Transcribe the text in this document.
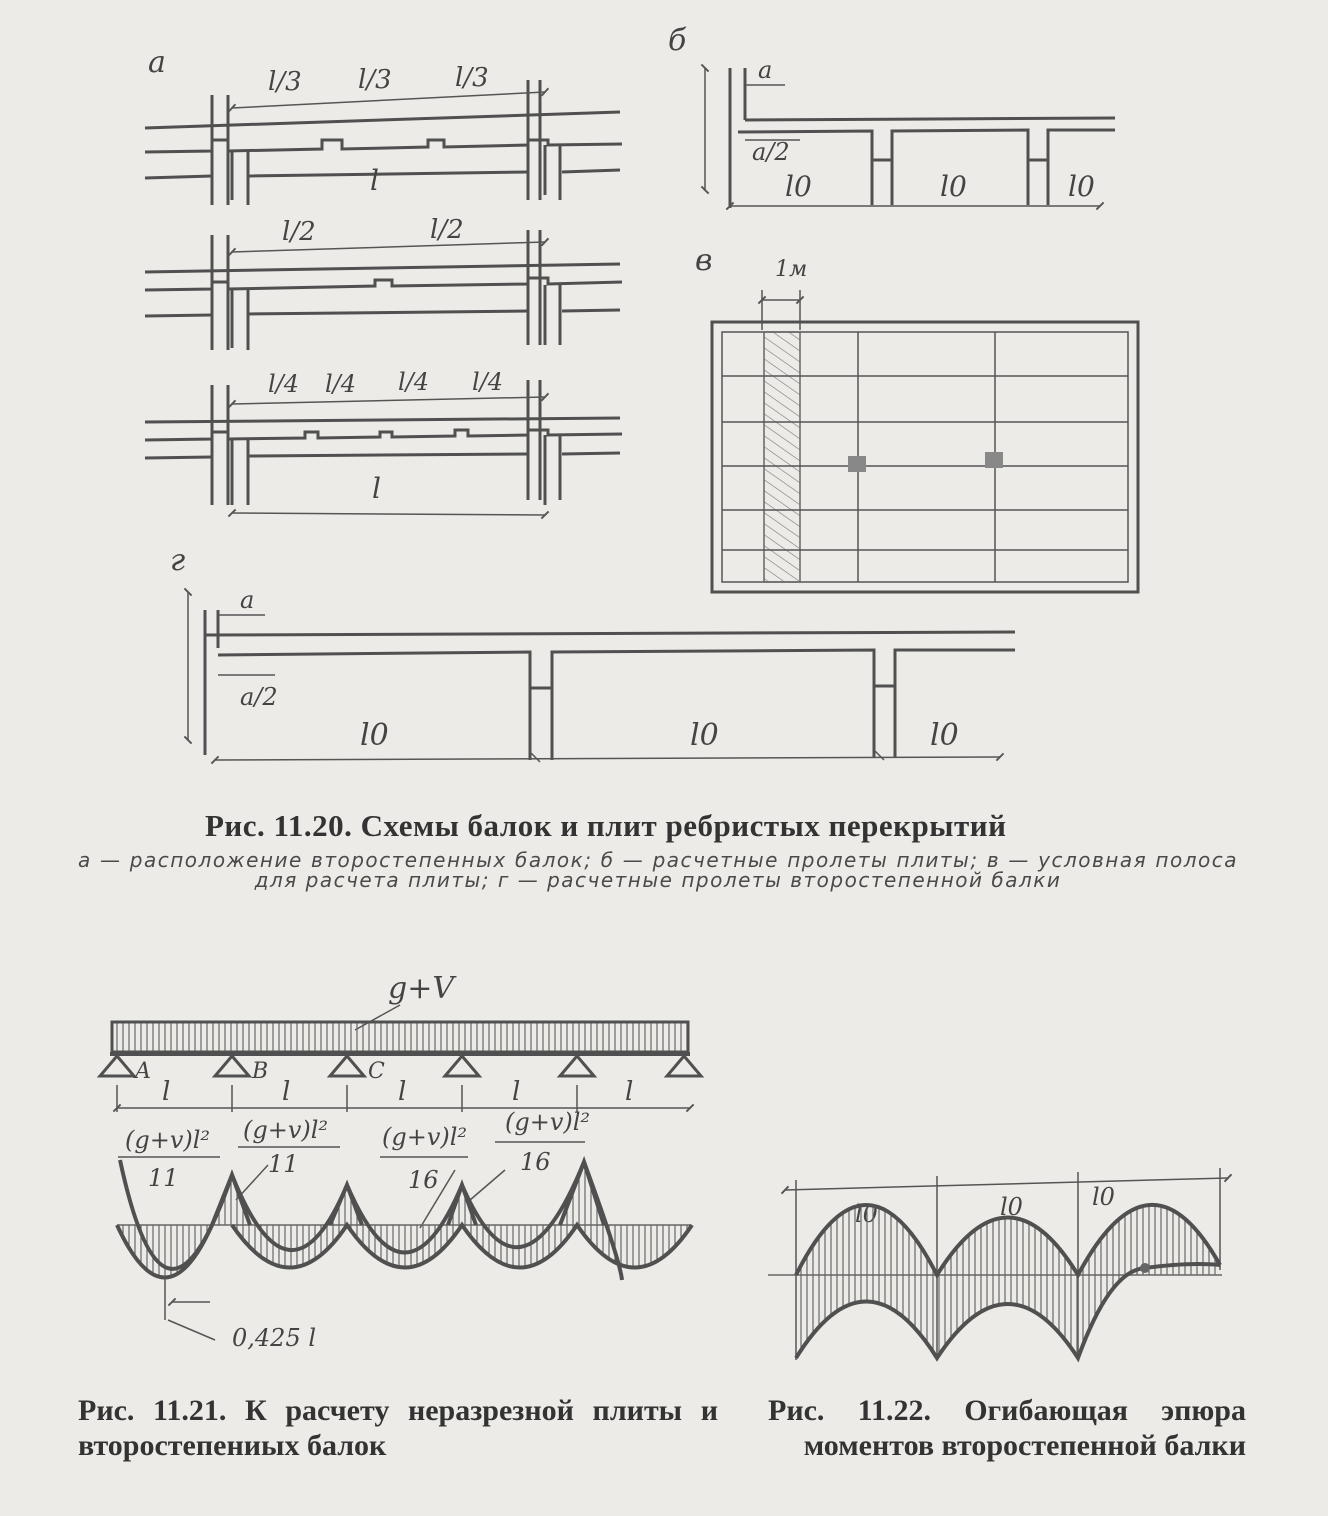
а
l/3 l/3 l/3
l
l/2	l/2
l/4 l/4 l/4 l/4
l
б
a
a/2
l0	l0	l0
в	1м
г
a
a/2
l0	l0	l0
g+V
A	B	C
l	l	l	l	l
(g+v)l²
11
(g+v)l²
11
(g+v)l²
16
(g+v)l²
16
0,425 l
l0	l0

Рис. 11.20. Схемы балок и плит ребристых перекрытий

а — расположение второстепенных балок; б — расчетные пролеты плиты; в — условная полоса для расчета плиты; г — расчетные пролеты второстепенной балки

Рис. 11.21. К расчету неразрезной плиты и второстепениых балок

Рис. 11.22. Огибающая эпюра моментов второстепенной балки
